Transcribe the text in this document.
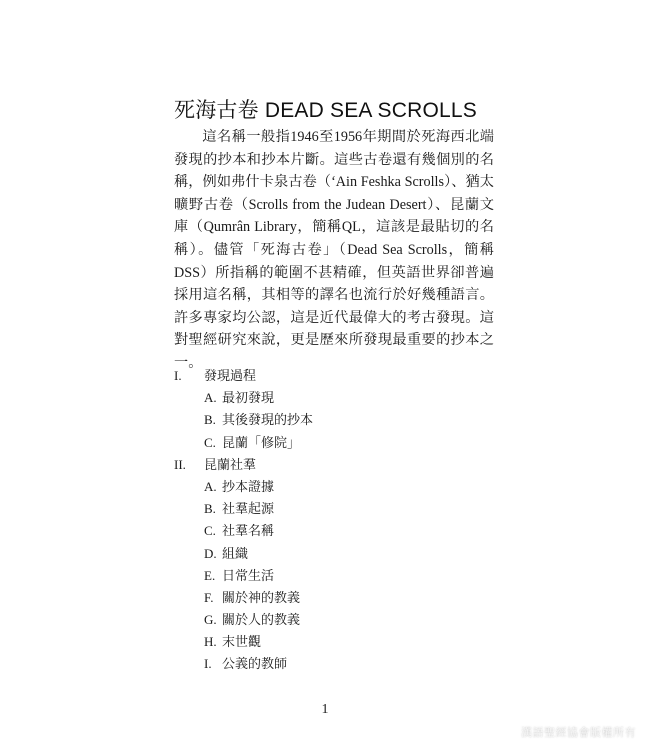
死海古卷 DEAD SEA SCROLLS

這名稱一般指1946至1956年期間於死海西北端發現的抄本和抄本片斷。這些古卷還有幾個別的名稱，例如弗什卡泉古卷（‘Ain Feshka Scrolls）、猶太曠野古卷（Scrolls from the Judean Desert）、昆蘭文庫（Qumrân Library，簡稱QL，這該是最貼切的名稱）。儘管「死海古卷」（Dead Sea Scrolls，簡稱DSS）所指稱的範圍不甚精確，但英語世界卻普遍採用這名稱，其相等的譯名也流行於好幾種語言。許多專家均公認，這是近代最偉大的考古發現。這對聖經研究來說，更是歷來所發現最重要的抄本之一。

I.	發現過程
A. 最初發現
B. 其後發現的抄本
C. 昆蘭「修院」
II.	昆蘭社羣
A. 抄本證據
B. 社羣起源
C. 社羣名稱
D. 組織
E. 日常生活
F. 關於神的教義
G. 關於人的教義
H. 末世觀
I. 公義的教師
1
漢語聖經協會版權所有
